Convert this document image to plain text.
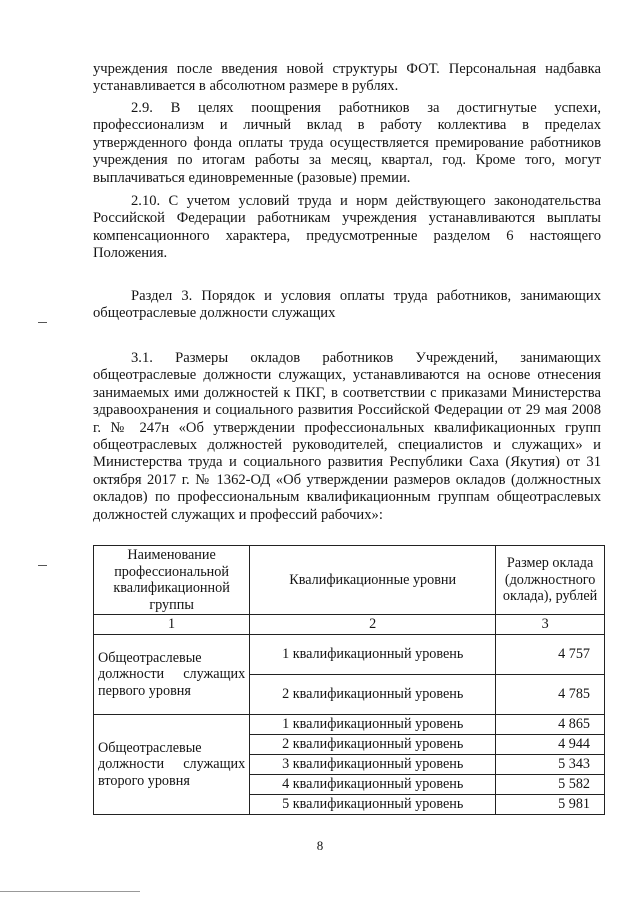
учреждения после введения новой структуры ФОТ. Персональная надбавка устанавливается в абсолютном размере в рублях.

2.9. В целях поощрения работников за достигнутые успехи, профессионализм и личный вклад в работу коллектива в пределах утвержденного фонда оплаты труда осуществляется премирование работников учреждения по итогам работы за месяц, квартал, год. Кроме того, могут выплачиваться единовременные (разовые) премии.

2.10. С учетом условий труда и норм действующего законодательства Российской Федерации работникам учреждения устанавливаются выплаты компенсационного характера, предусмотренные разделом 6 настоящего Положения.

Раздел 3. Порядок и условия оплаты труда работников, занимающих общеотраслевые должности служащих

3.1. Размеры окладов работников Учреждений, занимающих общеотраслевые должности служащих, устанавливаются на основе отнесения занимаемых ими должностей к ПКГ, в соответствии с приказами Министерства здравоохранения и социального развития Российской Федерации от 29 мая 2008 г. № 247н «Об утверждении профессиональных квалификационных групп общеотраслевых должностей руководителей, специалистов и служащих» и Министерства труда и социального развития Республики Саха (Якутия) от 31 октября 2017 г. № 1362-ОД «Об утверждении размеров окладов (должностных окладов) по профессиональным квалификационным группам общеотраслевых должностей служащих и профессий рабочих»:

Наименование профессиональной квалификационной группы	Квалификационные уровни	Размер оклада (должностного оклада), рублей
1	2	3
Общеотраслевые должности служащих первого уровня	1 квалификационный уровень	4 757
	2 квалификационный уровень	4 785
Общеотраслевые должности служащих второго уровня	1 квалификационный уровень	4 865
	2 квалификационный уровень	4 944
	3 квалификационный уровень	5 343
	4 квалификационный уровень	5 582
	5 квалификационный уровень	5 981
8
